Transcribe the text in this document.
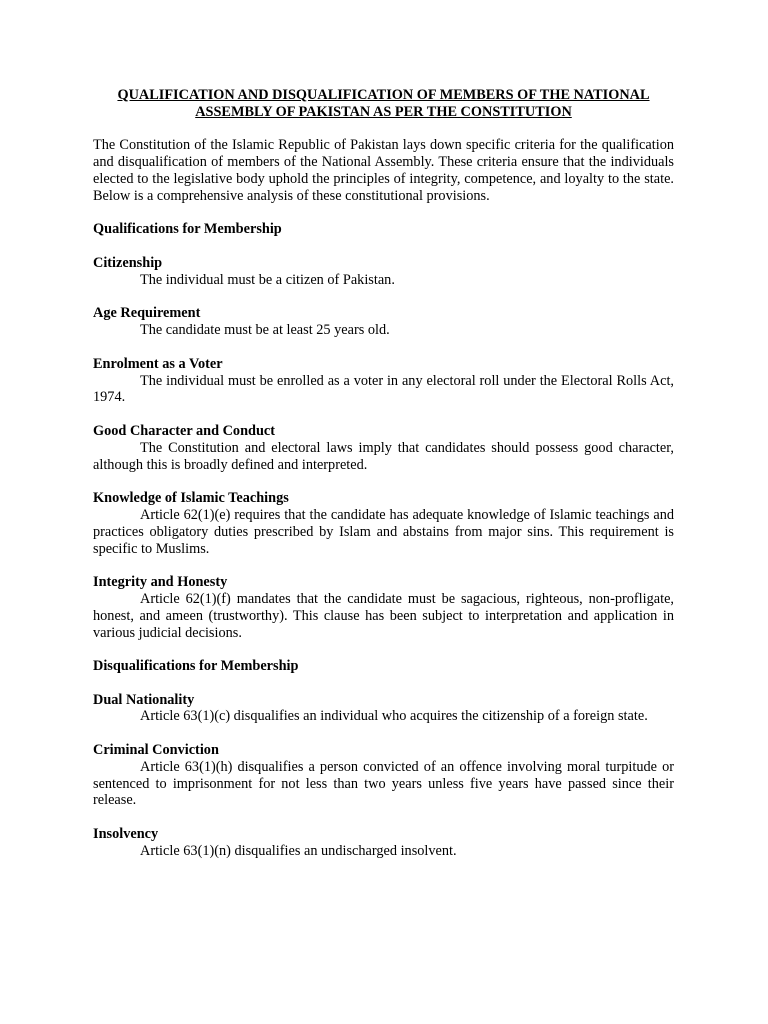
QUALIFICATION AND DISQUALIFICATION OF MEMBERS OF THE NATIONAL
ASSEMBLY OF PAKISTAN AS PER THE CONSTITUTION

The Constitution of the Islamic Republic of Pakistan lays down specific criteria for the qualification and disqualification of members of the National Assembly. These criteria ensure that the individuals elected to the legislative body uphold the principles of integrity, competence, and loyalty to the state. Below is a comprehensive analysis of these constitutional provisions.

Qualifications for Membership

Citizenship

The individual must be a citizen of Pakistan.

Age Requirement

The candidate must be at least 25 years old.

Enrolment as a Voter

The individual must be enrolled as a voter in any electoral roll under the Electoral Rolls Act, 1974.

Good Character and Conduct

The Constitution and electoral laws imply that candidates should possess good character, although this is broadly defined and interpreted.

Knowledge of Islamic Teachings

Article 62(1)(e) requires that the candidate has adequate knowledge of Islamic teachings and practices obligatory duties prescribed by Islam and abstains from major sins. This requirement is specific to Muslims.

Integrity and Honesty

Article 62(1)(f) mandates that the candidate must be sagacious, righteous, non-profligate, honest, and ameen (trustworthy). This clause has been subject to interpretation and application in various judicial decisions.

Disqualifications for Membership

Dual Nationality

Article 63(1)(c) disqualifies an individual who acquires the citizenship of a foreign state.

Criminal Conviction

Article 63(1)(h) disqualifies a person convicted of an offence involving moral turpitude or sentenced to imprisonment for not less than two years unless five years have passed since their release.

Insolvency

Article 63(1)(n) disqualifies an undischarged insolvent.
